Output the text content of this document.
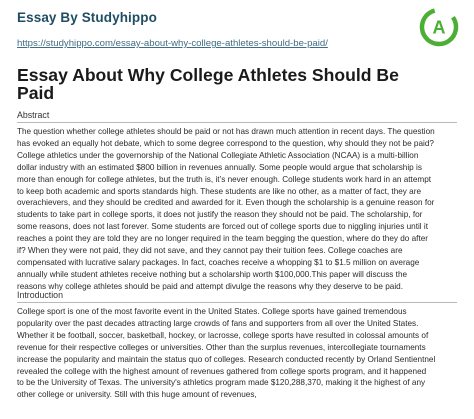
Essay By Studyhippo
https://studyhippo.com/essay-about-why-college-athletes-should-be-paid/
A
Essay About Why College Athletes Should Be
Paid
Abstract
The question whether college athletes should be paid or not has drawn much attention in recent days. The question
has evoked an equally hot debate, which to some degree correspond to the question, why should they not be paid?
College athletics under the governorship of the National Collegiate Athletic Association (NCAA) is a multi-billion
dollar industry with an estimated $800 billion in revenues annually. Some people would argue that scholarship is
more than enough for college athletes, but the truth is, it’s never enough. College students work hard in an attempt
to keep both academic and sports standards high. These students are like no other, as a matter of fact, they are
overachievers, and they should be credited and awarded for it. Even though the scholarship is a genuine reason for
students to take part in college sports, it does not justify the reason they should not be paid. The scholarship, for
some reasons, does not last forever. Some students are forced out of college sports due to niggling injuries until it
reaches a point they are told they are no longer required in the team begging the question, where do they do after
if? When they were not paid, they did not save, and they cannot pay their tuition fees. College coaches are
compensated with lucrative salary packages. In fact, coaches receive a whopping $1 to $1.5 million on average
annually while student athletes receive nothing but a scholarship worth $100,000.This paper will discuss the
reasons why college athletes should be paid and attempt divulge the reasons why they deserve to be paid.
Introduction
College sport is one of the most favorite event in the United States. College sports have gained tremendous
popularity over the past decades attracting large crowds of fans and supporters from all over the United States.
Whether it be football, soccer, basketball, hockey, or lacrosse, college sports have resulted in colossal amounts of
revenue for their respective colleges or universities. Other than the surplus revenues, intercollegiate tournaments
increase the popularity and maintain the status quo of colleges. Research conducted recently by Orland Sentientnel
revealed the college with the highest amount of revenues gathered from college sports program, and it happened
to be the University of Texas. The university's athletics program made $120,288,370, making it the highest of any
other college or university. Still with this huge amount of revenues,
